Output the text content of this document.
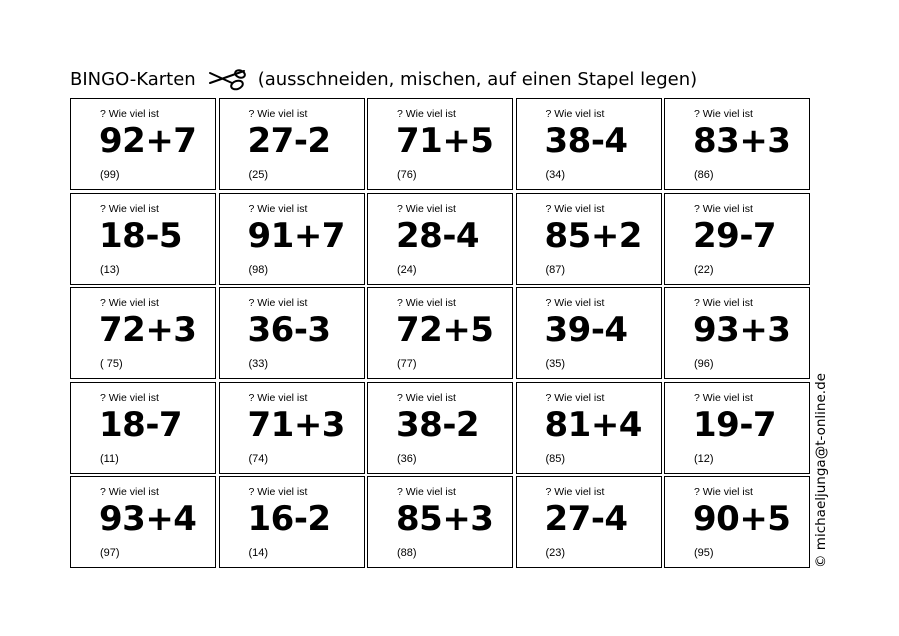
BINGO-Karten	(ausschneiden, mischen, auf einen Stapel legen)
? Wie viel ist
92+7
(99)
? Wie viel ist
27-2
(25)
? Wie viel ist
71+5
(76)
? Wie viel ist
38-4
(34)
? Wie viel ist
83+3
(86)
? Wie viel ist
18-5
(13)
? Wie viel ist
91+7
(98)
? Wie viel ist
28-4
(24)
? Wie viel ist
85+2
(87)
? Wie viel ist
29-7
(22)
? Wie viel ist
72+3
( 75)
? Wie viel ist
36-3
(33)
? Wie viel ist
72+5
(77)
? Wie viel ist
39-4
(35)
? Wie viel ist
93+3
(96)
? Wie viel ist
18-7
(11)
? Wie viel ist
71+3
(74)
? Wie viel ist
38-2
(36)
? Wie viel ist
81+4
(85)
? Wie viel ist
19-7
(12)
? Wie viel ist
93+4
(97)
? Wie viel ist
16-2
(14)
? Wie viel ist
85+3
(88)
? Wie viel ist
27-4
(23)
? Wie viel ist
90+5
(95)	© michaeljunga@t-online.de
